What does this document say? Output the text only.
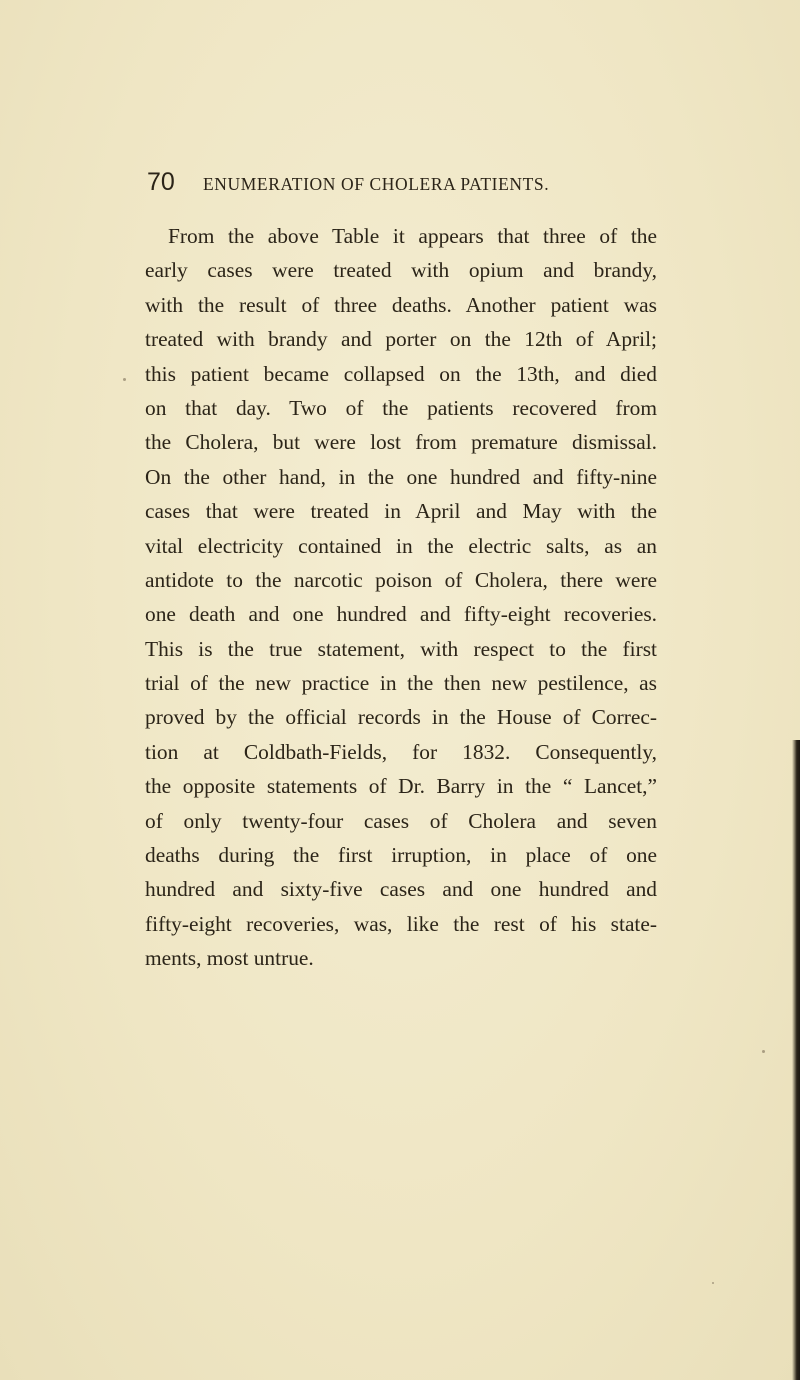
70	ENUMERATION OF CHOLERA PATIENTS.
From the above Table it appears that three of the
early cases were treated with opium and brandy,
with the result of three deaths. Another patient was
treated with brandy and porter on the 12th of April;
this patient became collapsed on the 13th, and died
on that day. Two of the patients recovered from
the Cholera, but were lost from premature dismissal.
On the other hand, in the one hundred and fifty-nine
cases that were treated in April and May with the
vital electricity contained in the electric salts, as an
antidote to the narcotic poison of Cholera, there were
one death and one hundred and fifty-eight recoveries.
This is the true statement, with respect to the first
trial of the new practice in the then new pestilence, as
proved by the official records in the House of Correc-
tion at Coldbath-Fields, for 1832. Consequently,
the opposite statements of Dr. Barry in the “ Lancet,”
of only twenty-four cases of Cholera and seven
deaths during the first irruption, in place of one
hundred and sixty-five cases and one hundred and
fifty-eight recoveries, was, like the rest of his state-
ments, most untrue.
